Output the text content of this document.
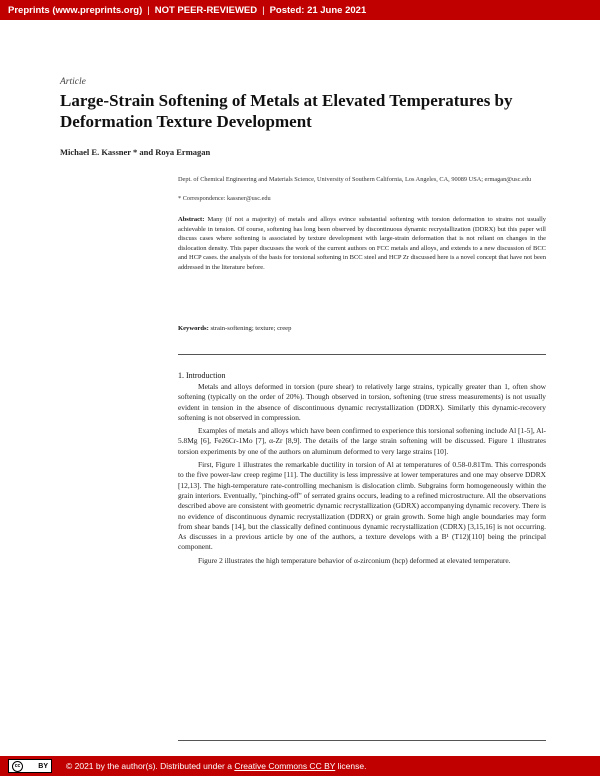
Preprints (www.preprints.org) | NOT PEER-REVIEWED | Posted: 21 June 2021
Article
Large-Strain Softening of Metals at Elevated Temperatures by Deformation Texture Development
Michael E. Kassner * and Roya Ermagan
Dept. of Chemical Engineering and Materials Science, University of Southern California, Los Angeles, CA, 90089 USA; ermagan@usc.edu
* Correspondence: kassner@usc.edu
Abstract: Many (if not a majority) of metals and alloys evince substantial softening with torsion deformation to strains not usually achievable in tension. Of course, softening has long been observed by discontinuous dynamic recrystallization (DDRX) but this paper will discuss cases where softening is associated by texture development with large-strain deformation that is not reliant on changes in the dislocation density. This paper discusses the work of the current authors on FCC metals and alloys, and extends to a new discussion of BCC and HCP cases. the analysis of the basis for torsional softening in BCC steel and HCP Zr discussed here is a novel concept that have not been addressed in the literature before.
Keywords: strain-softening; texture; creep
1. Introduction

Metals and alloys deformed in torsion (pure shear) to relatively large strains, typically greater than 1, often show softening (typically on the order of 20%). Though observed in torsion, softening (true stress measurements) is not usually evident in tension in the absence of discontinuous dynamic recrystallization (DDRX). Similarly this dynamic-recovery softening is not observed in compression.

Examples of metals and alloys which have been confirmed to experience this torsional softening include Al [1-5], Al-5.8Mg [6], Fe26Cr-1Mo [7], α-Zr [8,9]. The details of the large strain softening will be discussed. Figure 1 illustrates torsion experiments by one of the authors on aluminum deformed to very large strains [10].

First, Figure 1 illustrates the remarkable ductility in torsion of Al at temperatures of 0.58-0.81Tm. This corresponds to the five power-law creep regime [11]. The ductility is less impressive at lower temperatures and one may observe DDRX [12,13]. The high-temperature rate-controlling mechanism is dislocation climb. Subgrains form homogeneously within the grain interiors. Eventually, "pinching-off" of serrated grains occurs, leading to a refined microstructure. All the observations described above are consistent with geometric dynamic recrystallization (GDRX) accompanying dynamic recovery. There is no evidence of discontinuous dynamic recrystallization (DDRX) or grain growth. Some high angle boundaries may form from shear bands [14], but the classically defined continuous dynamic recrystallization (CDRX) [3,15,16] is not occurring. As discusses in a previous article by one of the authors, a texture develops with a B¹ (T12)[110] being the principal component.

Figure 2 illustrates the high temperature behavior of α-zirconium (hcp) deformed at elevated temperature.

cc	BY © 2021 by the author(s). Distributed under a Creative Commons CC BY license.
